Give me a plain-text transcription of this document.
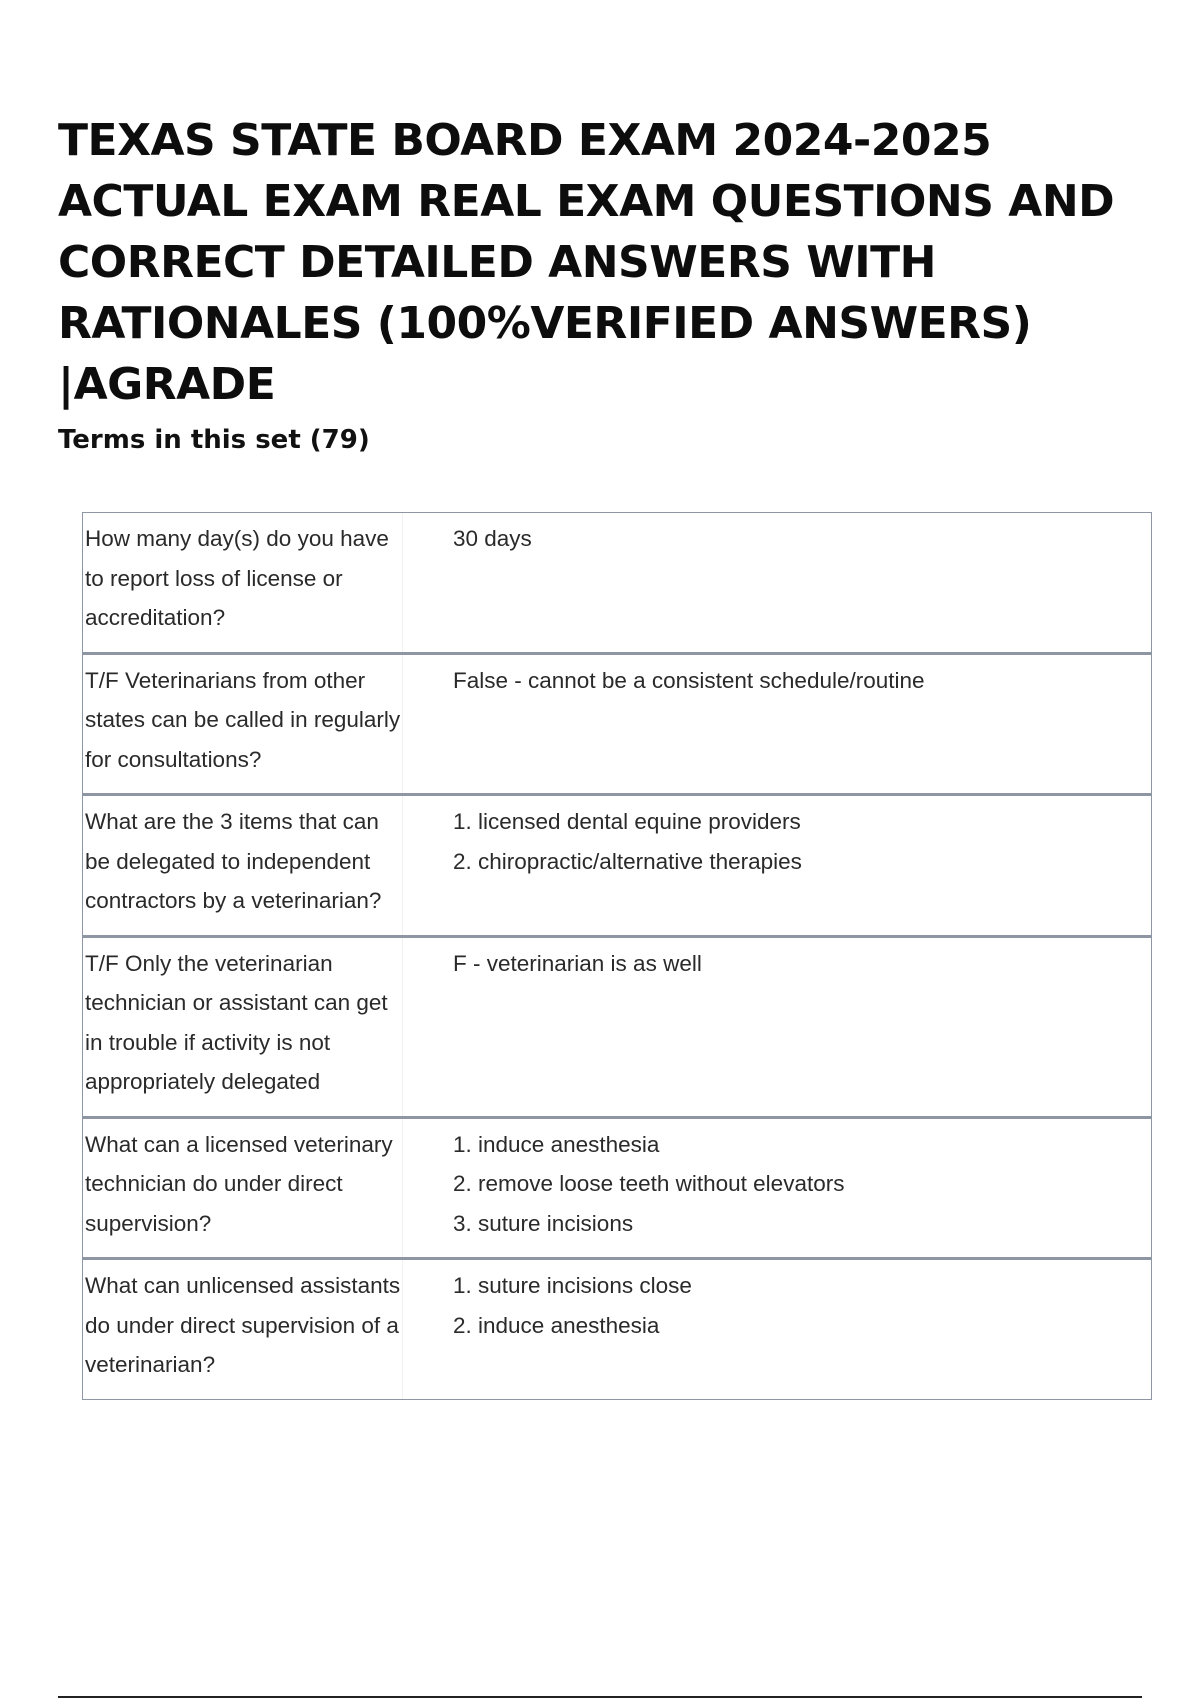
TEXAS STATE BOARD EXAM 2024-2025 ACTUAL EXAM REAL EXAM QUESTIONS AND CORRECT DETAILED ANSWERS WITH RATIONALES (100%VERIFIED ANSWERS) |AGRADE
Terms in this set (79)
How many day(s) do you have to report loss of license or accreditation?
30 days
T/F Veterinarians from other states can be called in regularly for consultations?
False - cannot be a consistent schedule/routine
What are the 3 items that can be delegated to independent contractors by a veterinarian?
1. licensed dental equine providers
2. chiropractic/alternative therapies
T/F Only the veterinarian technician or assistant can get in trouble if activity is not appropriately delegated
F - veterinarian is as well
What can a licensed veterinary technician do under direct supervision?
1. induce anesthesia
2. remove loose teeth without elevators
3. suture incisions
What can unlicensed assistants do under direct supervision of a veterinarian?
1. suture incisions close
2. induce anesthesia
